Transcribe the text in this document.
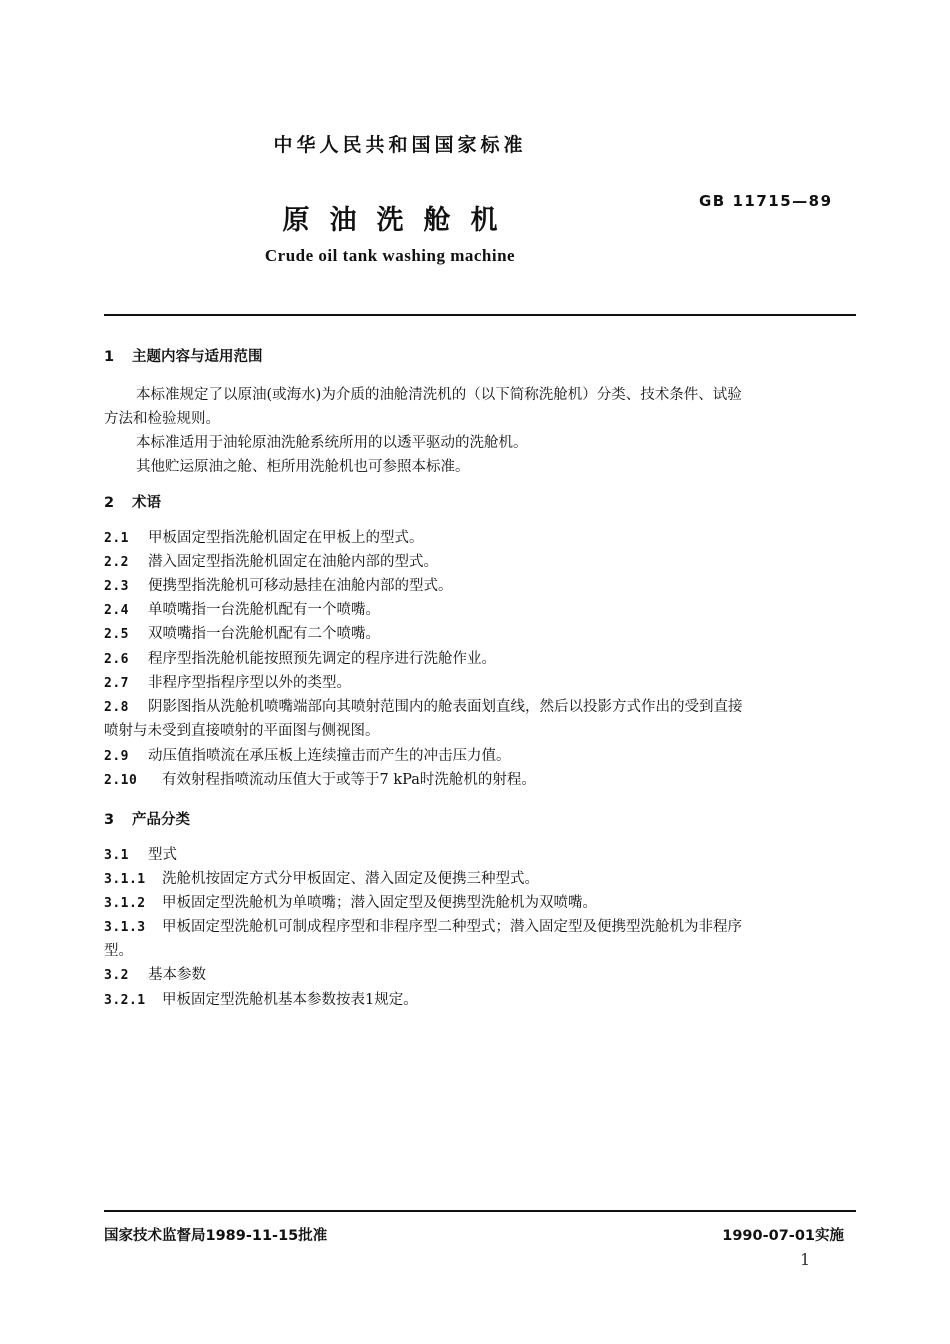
中华人民共和国国家标准
GB 11715—89
原油洗舱机
Crude oil tank washing machine
1 主题内容与适用范围
本标准规定了以原油(或海水)为介质的油舱清洗机的（以下简称洗舱机）分类、技术条件、试验
方法和检验规则。
本标准适用于油轮原油洗舱系统所用的以透平驱动的洗舱机。
其他贮运原油之舱、柜所用洗舱机也可参照本标准。
2 术语
2.1 甲板固定型指洗舱机固定在甲板上的型式。
2.2 潜入固定型指洗舱机固定在油舱内部的型式。
2.3 便携型指洗舱机可移动悬挂在油舱内部的型式。
2.4 单喷嘴指一台洗舱机配有一个喷嘴。
2.5 双喷嘴指一台洗舱机配有二个喷嘴。
2.6 程序型指洗舱机能按照预先调定的程序进行洗舱作业。
2.7 非程序型指程序型以外的类型。
2.8 阴影图指从洗舱机喷嘴端部向其喷射范围内的舱表面划直线，然后以投影方式作出的受到直接
喷射与未受到直接喷射的平面图与侧视图。
2.9 动压值指喷流在承压板上连续撞击而产生的冲击压力值。
2.10 有效射程指喷流动压值大于或等于7 kPa时洗舱机的射程。
3 产品分类
3.1 型式
3.1.1 洗舱机按固定方式分甲板固定、潜入固定及便携三种型式。
3.1.2 甲板固定型洗舱机为单喷嘴；潜入固定型及便携型洗舱机为双喷嘴。
3.1.3 甲板固定型洗舱机可制成程序型和非程序型二种型式；潜入固定型及便携型洗舱机为非程序
型。
3.2 基本参数
3.2.1 甲板固定型洗舱机基本参数按表1规定。
国家技术监督局1989-11-15批准	1990-07-01实施
1
